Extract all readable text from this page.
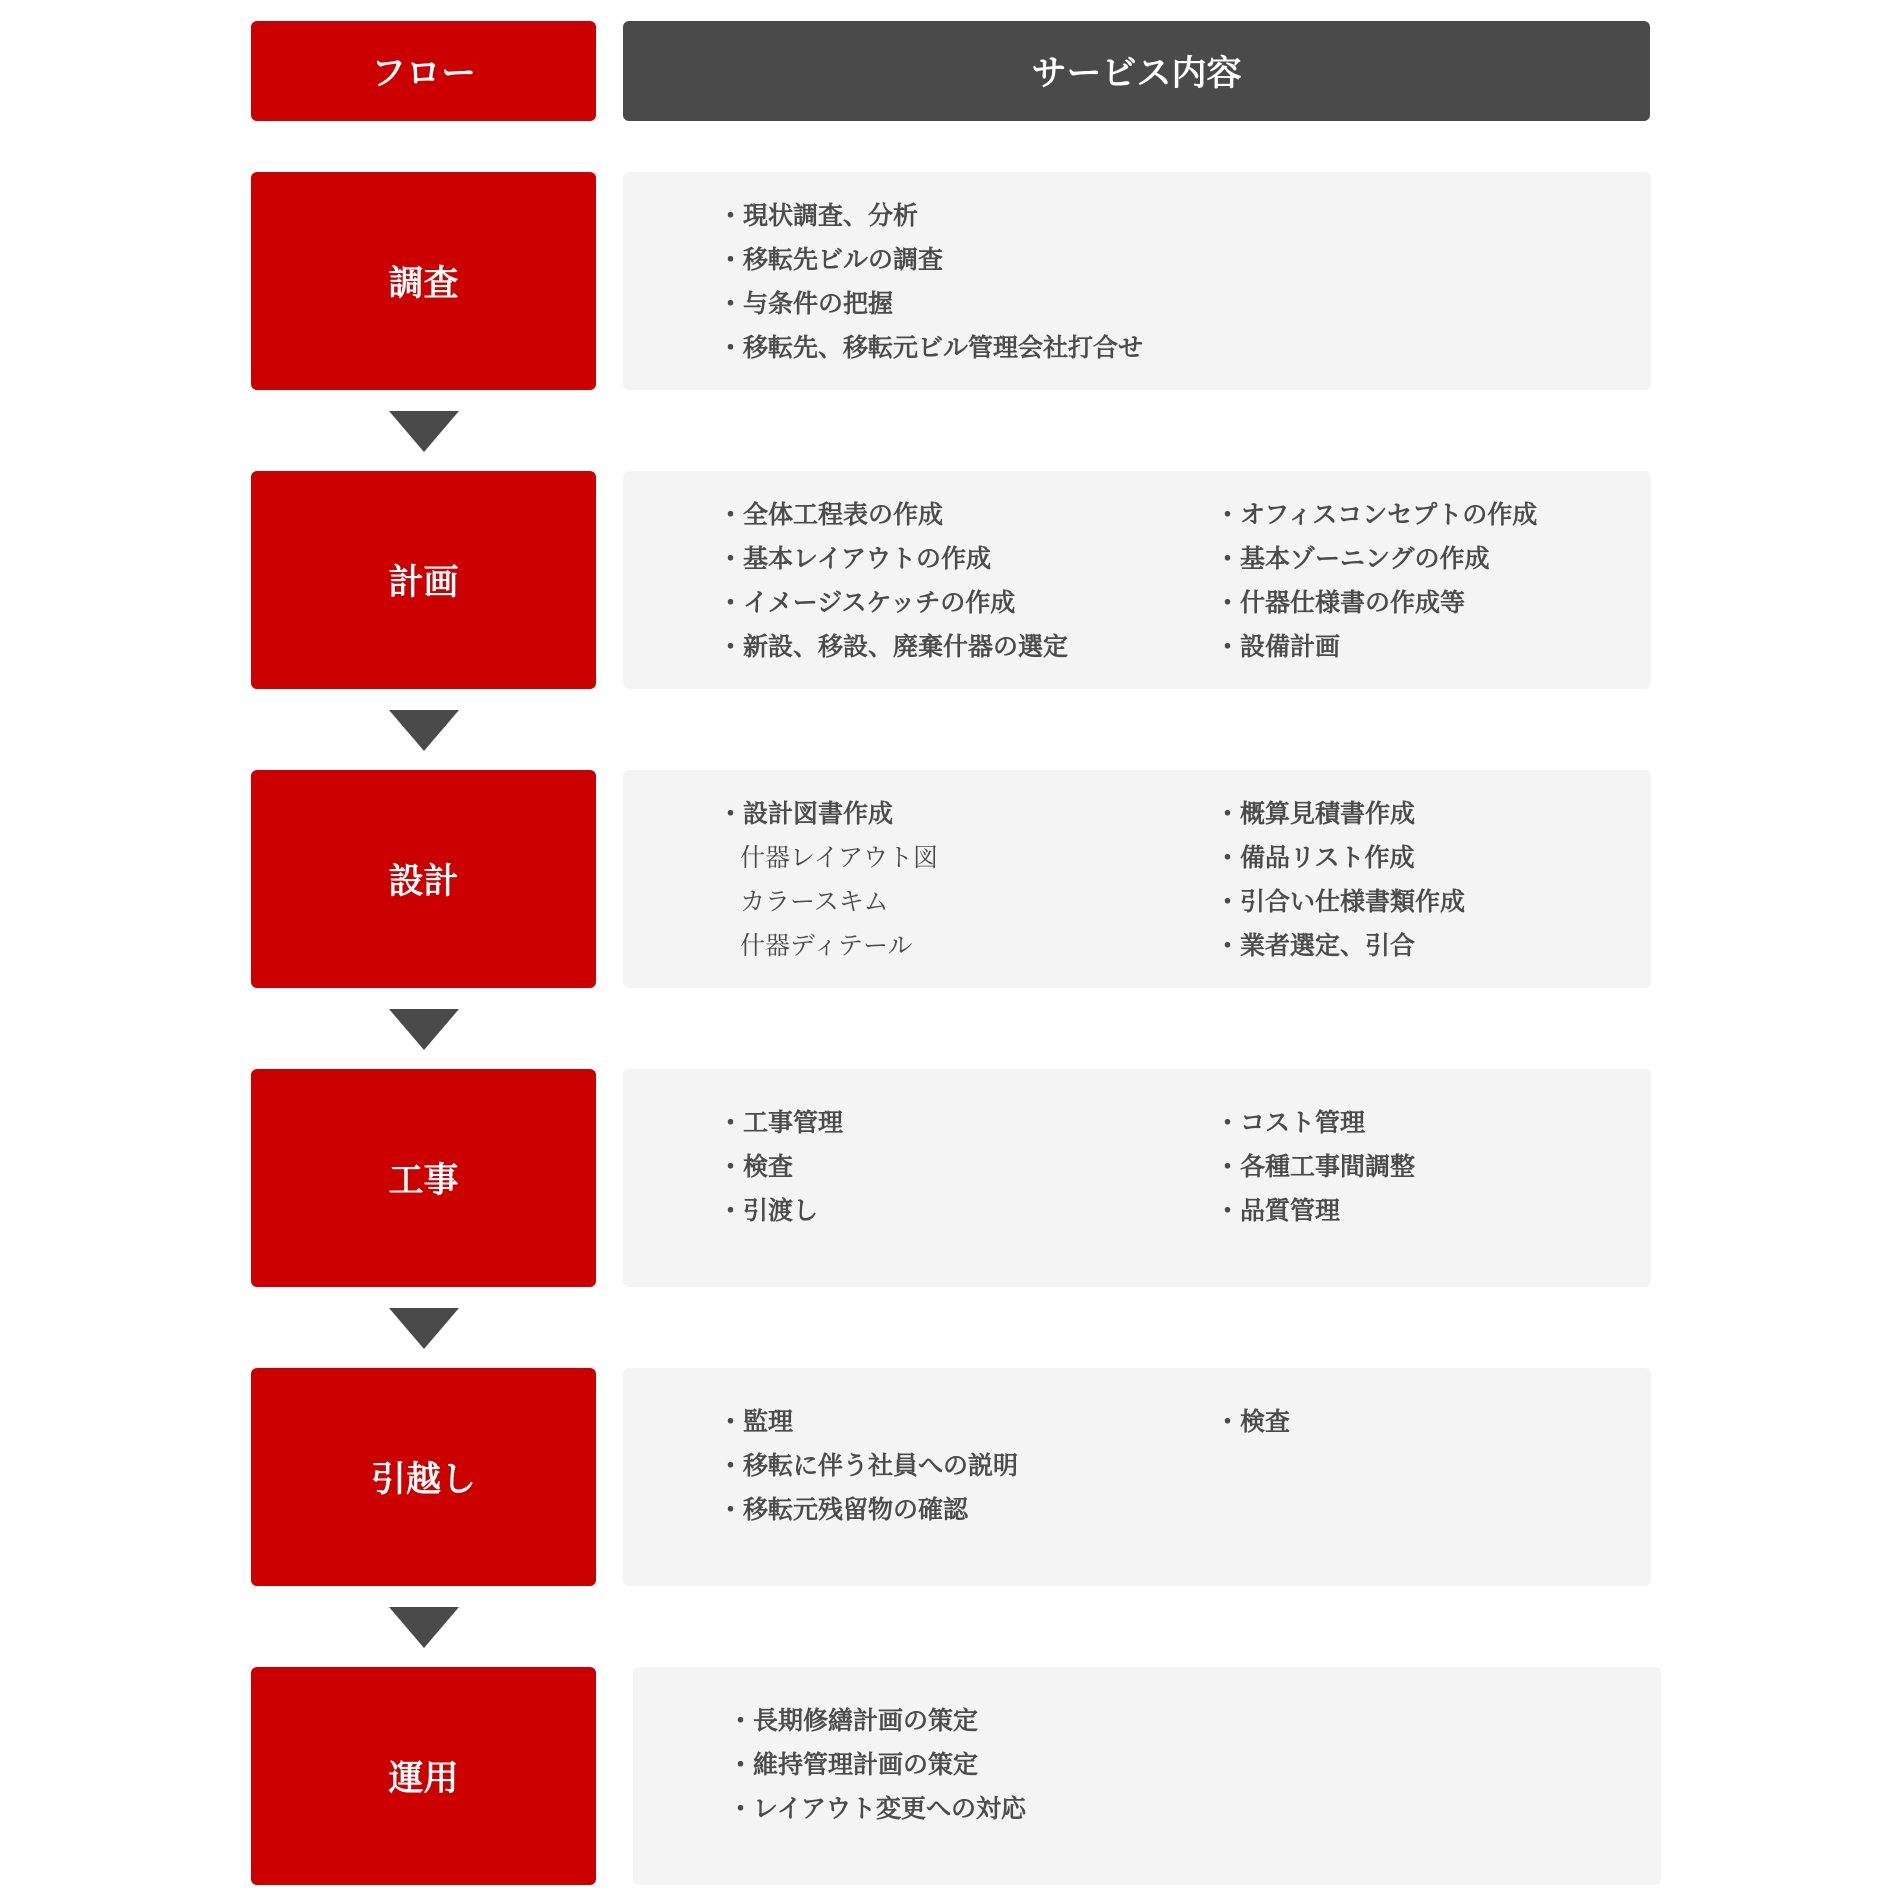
フロー	サービス内容
調査

・現状調査、分析

・移転先ビルの調査

・与条件の把握

・移転先、移転元ビル管理会社打合せ

計画

・全体工程表の作成

・基本レイアウトの作成

・イメージスケッチの作成

・新設、移設、廃棄什器の選定

・オフィスコンセプトの作成

・基本ゾーニングの作成

・什器仕様書の作成等

・設備計画

設計

・設計図書作成

什器レイアウト図

カラースキム

什器ディテール

・概算見積書作成

・備品リスト作成

・引合い仕様書類作成

・業者選定、引合

工事

・工事管理

・検査

・引渡し

・コスト管理

・各種工事間調整

・品質管理

引越し

・監理

・移転に伴う社員への説明

・移転元残留物の確認

・検査

運用

・長期修繕計画の策定

・維持管理計画の策定

・レイアウト変更への対応
